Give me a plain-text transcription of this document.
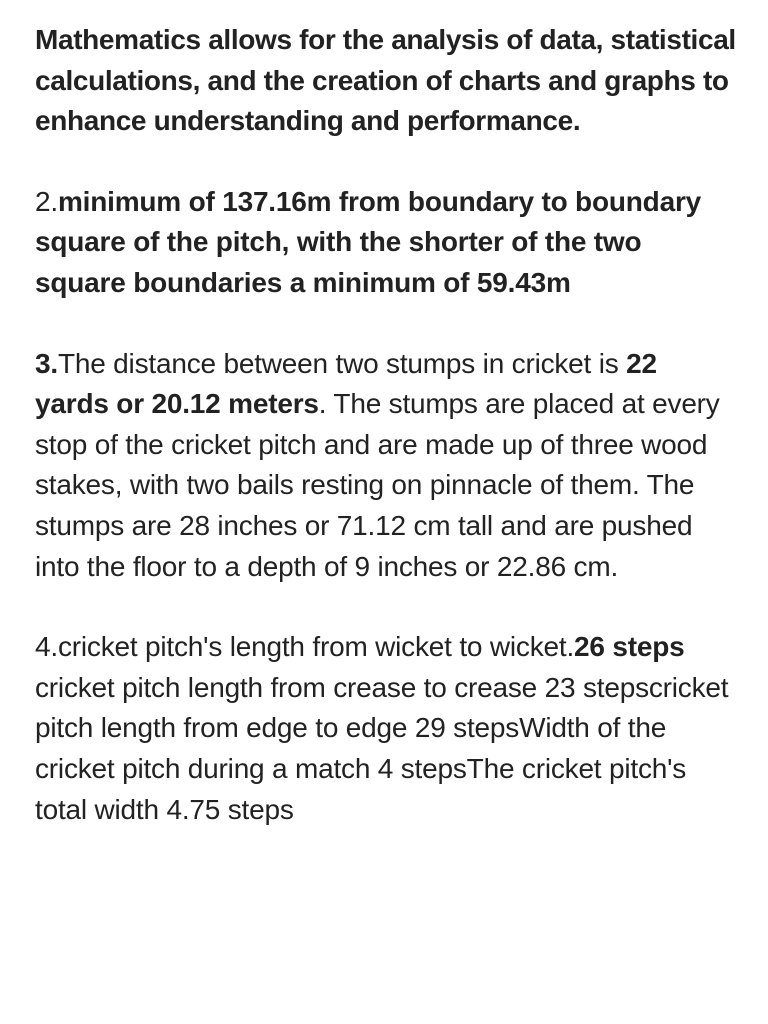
Mathematics allows for the analysis of data, statistical calculations, and the creation of charts and graphs to enhance understanding and performance.

2.minimum of 137.16m from boundary to boundary square of the pitch, with the shorter of the two square boundaries a minimum of 59.43m

3.The distance between two stumps in cricket is 22 yards or 20.12 meters. The stumps are placed at every stop of the cricket pitch and are made up of three wood stakes, with two bails resting on pinnacle of them. The stumps are 28 inches or 71.12 cm tall and are pushed into the floor to a depth of 9 inches or 22.86 cm.

4.cricket pitch's length from wicket to wicket.26 steps cricket pitch length from crease to crease 23 stepscricket pitch length from edge to edge 29 stepsWidth of the cricket pitch during a match 4 stepsThe cricket pitch's total width 4.75 steps
